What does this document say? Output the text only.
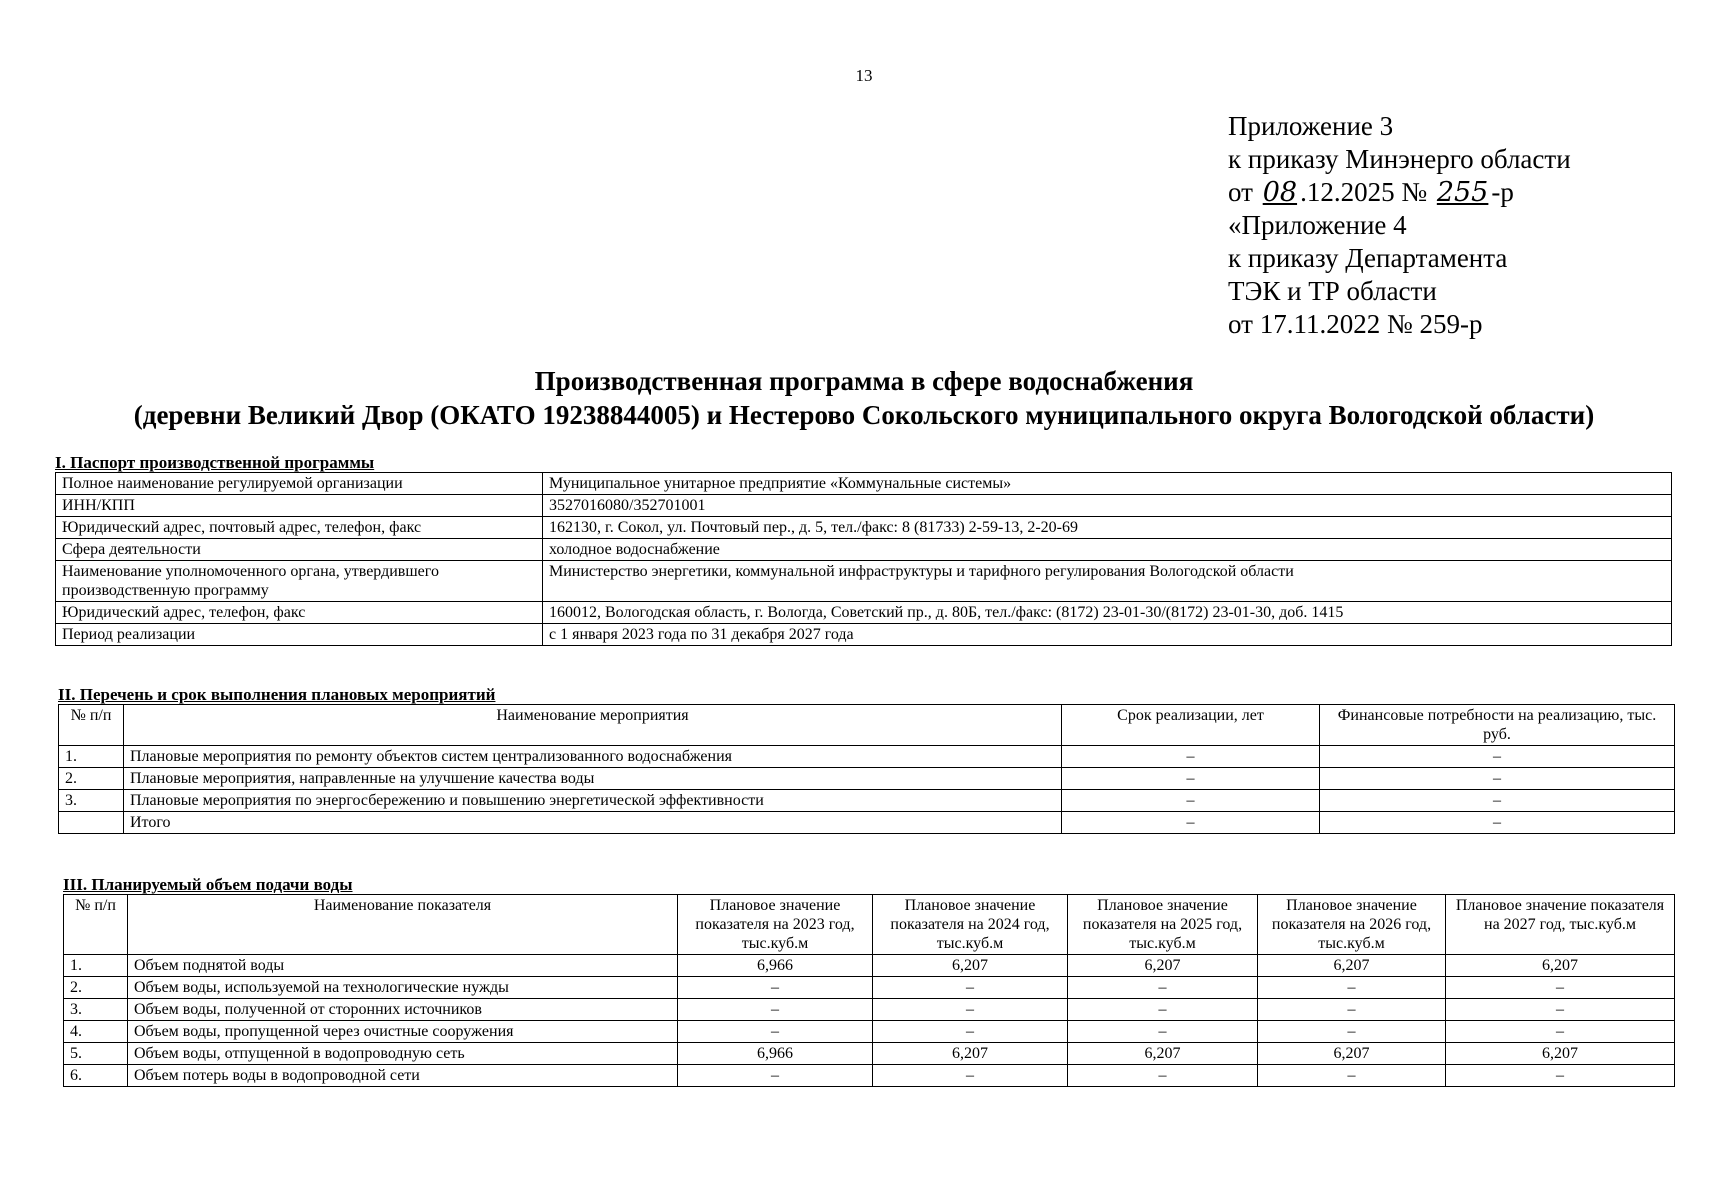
13
Приложение 3
к приказу Минэнерго области
от 08 .12.2025 № 255 -р
«Приложение 4
к приказу Департамента
ТЭК и ТР области
от 17.11.2022 № 259-р
Производственная программа в сфере водоснабжения
(деревни Великий Двор (ОКАТО 19238844005) и Нестерово Сокольского муниципального округа Вологодской области)
I. Паспорт производственной программы
Полное наименование регулируемой организации	Муниципальное унитарное предприятие «Коммунальные системы»
ИНН/КПП	3527016080/352701001
Юридический адрес, почтовый адрес, телефон, факс	162130, г. Сокол, ул. Почтовый пер., д. 5, тел./факс: 8 (81733) 2-59-13, 2-20-69
Сфера деятельности	холодное водоснабжение
Наименование уполномоченного органа, утвердившего производственную программу	Министерство энергетики, коммунальной инфраструктуры и тарифного регулирования Вологодской области
Юридический адрес, телефон, факс	160012, Вологодская область, г. Вологда, Советский пр., д. 80Б, тел./факс: (8172) 23-01-30/(8172) 23-01-30, доб. 1415
Период реализации	с 1 января 2023 года по 31 декабря 2027 года
II. Перечень и срок выполнения плановых мероприятий
№ п/п	Наименование мероприятия	Срок реализации, лет	Финансовые потребности на реализацию, тыс. руб.
1.	Плановые мероприятия по ремонту объектов систем централизованного водоснабжения	–	–
2.	Плановые мероприятия, направленные на улучшение качества воды	–	–
3.	Плановые мероприятия по энергосбережению и повышению энергетической эффективности	–	–
	Итого	–	–
III. Планируемый объем подачи воды
№ п/п	Наименование показателя	Плановое значение показателя на 2023 год, тыс.куб.м	Плановое значение показателя на 2024 год, тыс.куб.м	Плановое значение показателя на 2025 год, тыс.куб.м	Плановое значение показателя на 2026 год, тыс.куб.м	Плановое значение показателя на 2027 год, тыс.куб.м
1.	Объем поднятой воды	6,966	6,207	6,207	6,207	6,207
2.	Объем воды, используемой на технологические нужды	–	–	–	–	–
3.	Объем воды, полученной от сторонних источников	–	–	–	–	–
4.	Объем воды, пропущенной через очистные сооружения	–	–	–	–	–
5.	Объем воды, отпущенной в водопроводную сеть	6,966	6,207	6,207	6,207	6,207
6.	Объем потерь воды в водопроводной сети	–	–	–	–	–
